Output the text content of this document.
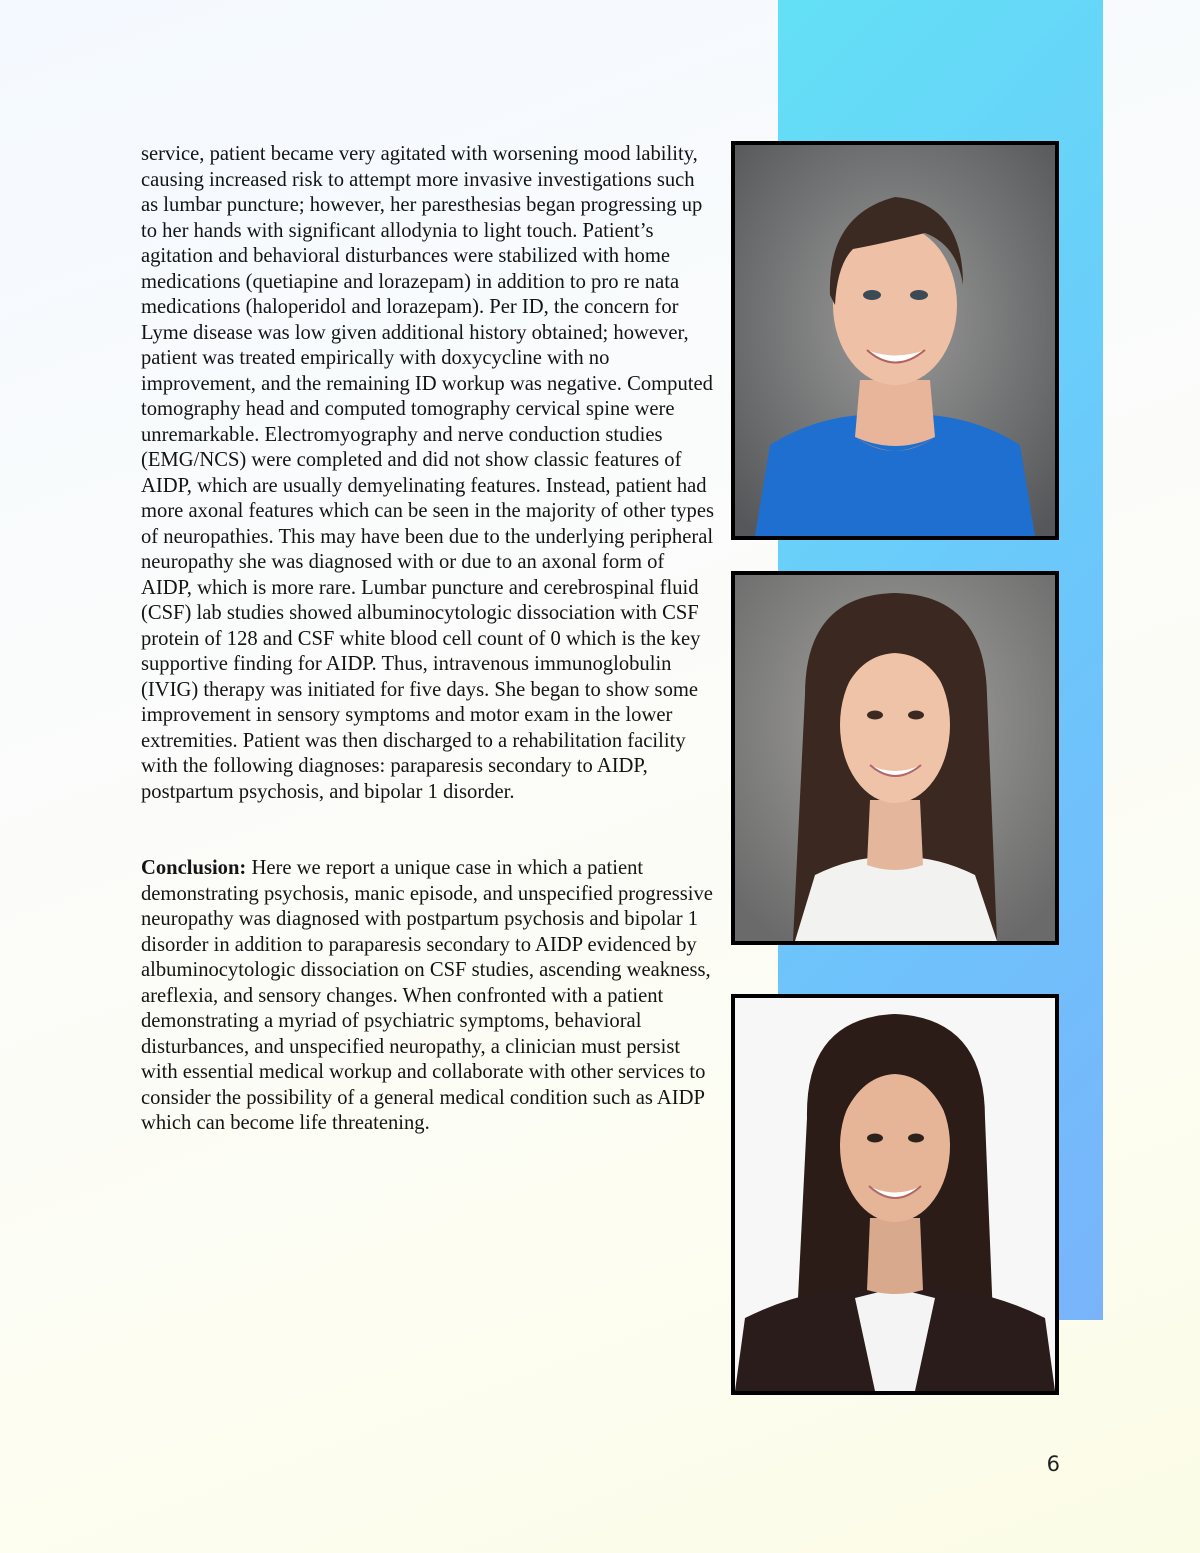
service, patient became very agitated with worsening mood lability, causing increased risk to attempt more invasive investigations such as lumbar puncture; however, her paresthesias began progressing up to her hands with significant allodynia to light touch. Patient’s agitation and behavioral disturbances were stabilized with home medications (quetiapine and lorazepam) in addition to pro re nata medications (haloperidol and lorazepam). Per ID, the concern for Lyme disease was low given additional history obtained; however, patient was treated empirically with doxycycline with no improvement, and the remaining ID workup was negative. Computed tomography head and computed tomography cervical spine were unremarkable. Electromyography and nerve conduction studies (EMG/NCS) were completed and did not show classic features of AIDP, which are usually demyelinating features. Instead, patient had more axonal features which can be seen in the majority of other types of neuropathies. This may have been due to the underlying peripheral neuropathy she was diagnosed with or due to an axonal form of AIDP, which is more rare. Lumbar puncture and cerebrospinal fluid (CSF) lab studies showed albuminocytologic dissociation with CSF protein of 128 and CSF white blood cell count of 0 which is the key supportive finding for AIDP. Thus, intravenous immunoglobulin (IVIG) therapy was initiated for five days. She began to show some improvement in sensory symptoms and motor exam in the lower extremities. Patient was then discharged to a rehabilitation facility with the following diagnoses: paraparesis secondary to AIDP, postpartum psychosis, and bipolar 1 disorder.

Conclusion: Here we report a unique case in which a patient demonstrating psychosis, manic episode, and unspecified progressive neuropathy was diagnosed with postpartum psychosis and bipolar 1 disorder in addition to paraparesis secondary to AIDP evidenced by albuminocytologic dissociation on CSF studies, ascending weakness, areflexia, and sensory changes. When confronted with a patient demonstrating a myriad of psychiatric symptoms, behavioral disturbances, and unspecified neuropathy, a clinician must persist with essential medical workup and collaborate with other services to consider the possibility of a general medical condition such as AIDP which can become life threatening.

6
